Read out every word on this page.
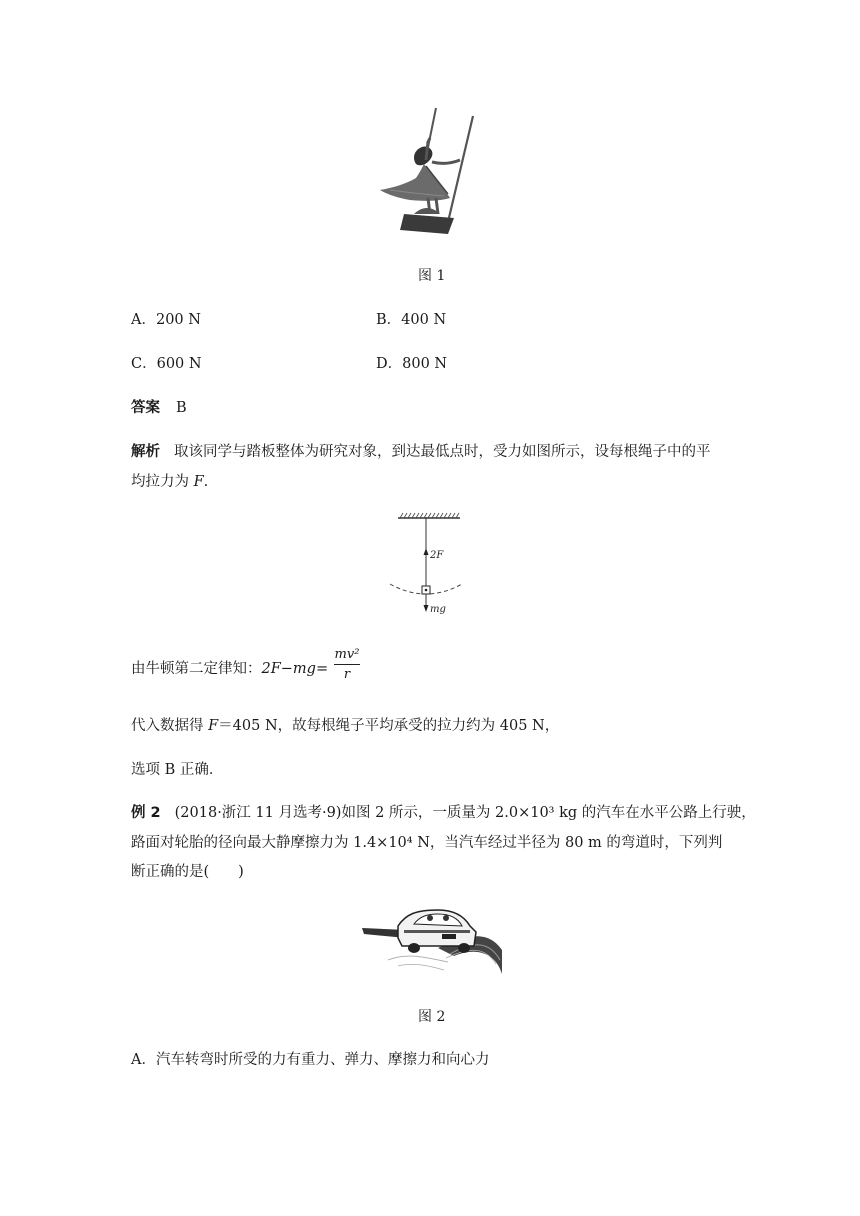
图 1
A．200 N	B．400 N
C．600 N	D．800 N
答案 B
解析 取该同学与踏板整体为研究对象，到达最低点时，受力如图所示，设每根绳子中的平
均拉力为 F.
2F
mg
由牛顿第二定律知：2F−mg=
mv²
r
代入数据得 F＝405 N，故每根绳子平均承受的拉力约为 405 N，
选项 B 正确．
例 2 (2018·浙江 11 月选考·9)如图 2 所示，一质量为 2.0×10³ kg 的汽车在水平公路上行驶，
路面对轮胎的径向最大静摩擦力为 1.4×10⁴ N，当汽车经过半径为 80 m 的弯道时，下列判
断正确的是(　　)
图 2
A．汽车转弯时所受的力有重力、弹力、摩擦力和向心力
